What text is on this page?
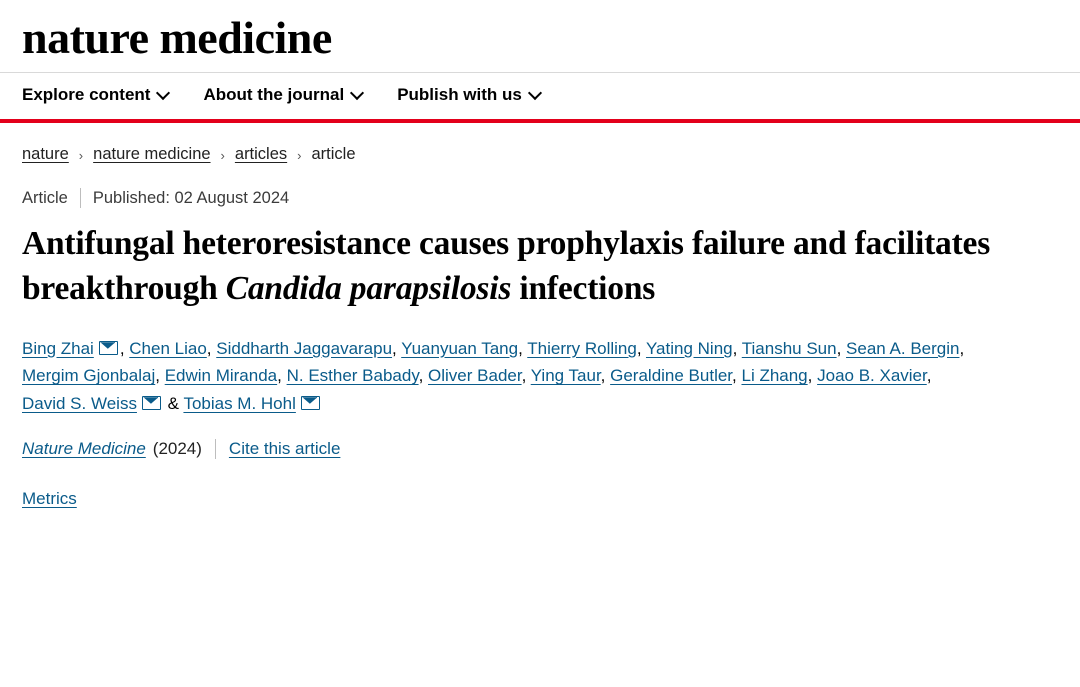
nature medicine
Explore content	About the journal	Publish with us
nature › nature medicine › articles › article
Article	Published: 02 August 2024
Antifungal heteroresistance causes prophylaxis failure and facilitates breakthrough Candida parapsilosis infections
Bing Zhai , Chen Liao, Siddharth Jaggavarapu, Yuanyuan Tang, Thierry Rolling, Yating Ning, Tianshu Sun, Sean A. Bergin, Mergim Gjonbalaj, Edwin Miranda, N. Esther Babady, Oliver Bader, Ying Taur, Geraldine Butler, Li Zhang, Joao B. Xavier, David S. Weiss & Tobias M. Hohl
Nature Medicine (2024) Cite this article
Metrics
